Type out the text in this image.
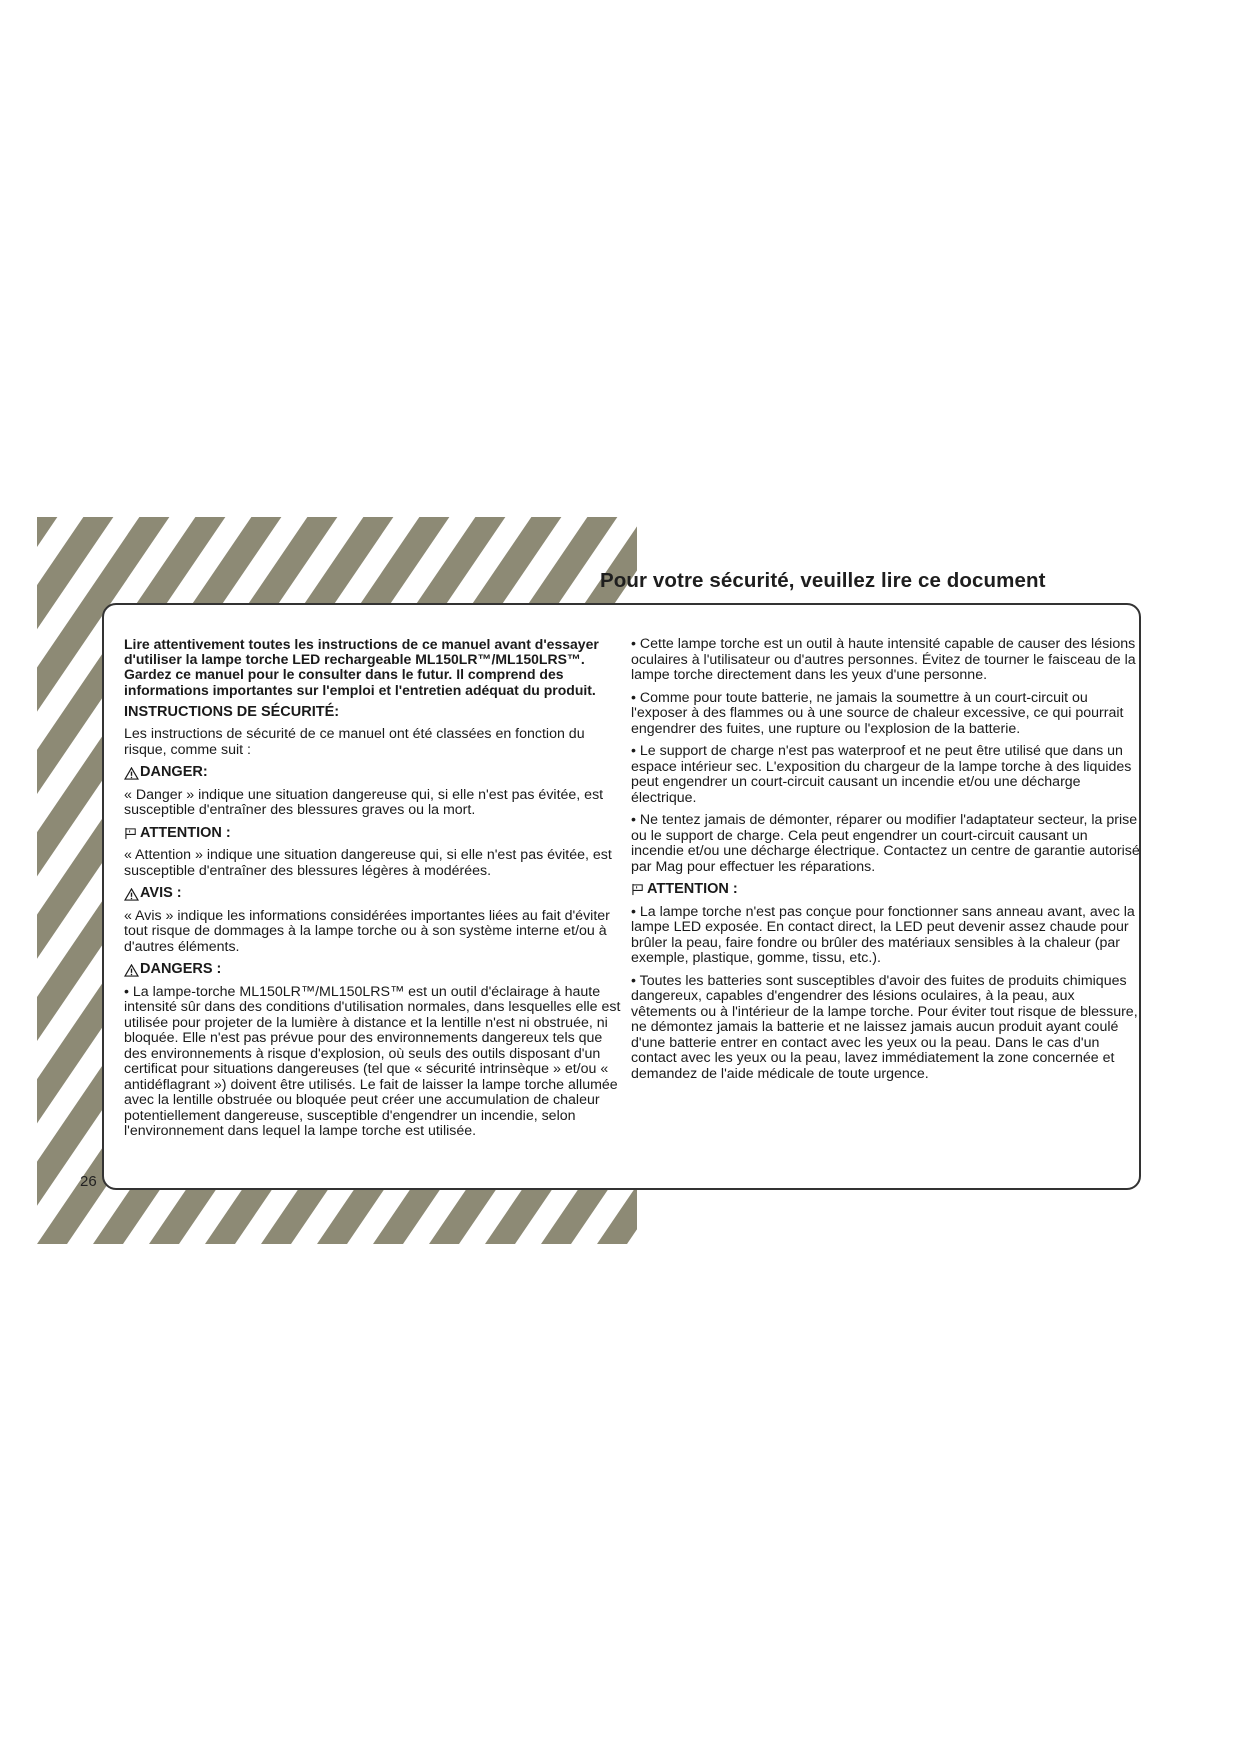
Pour votre sécurité, veuillez lire ce document

Lire attentivement toutes les instructions de ce manuel avant d'essayer d'utiliser la lampe torche LED rechargeable ML150LR™/ML150LRS™. Gardez ce manuel pour le consulter dans le futur. Il comprend des informations importantes sur l'emploi et l'entretien adéquat du produit.

INSTRUCTIONS DE SÉCURITÉ:

Les instructions de sécurité de ce manuel ont été classées en fonction du risque, comme suit :

DANGER:

« Danger » indique une situation dangereuse qui, si elle n'est pas évitée, est susceptible d'entraîner des blessures graves ou la mort.

ATTENTION :

« Attention » indique une situation dangereuse qui, si elle n'est pas évitée, est susceptible d'entraîner des blessures légères à modérées.

AVIS :

« Avis » indique les informations considérées importantes liées au fait d'éviter tout risque de dommages à la lampe torche ou à son système interne et/ou à d'autres éléments.

DANGERS :

• La lampe-torche ML150LR™/ML150LRS™ est un outil d'éclairage à haute intensité sûr dans des conditions d'utilisation normales, dans lesquelles elle est utilisée pour projeter de la lumière à distance et la lentille n'est ni obstruée, ni bloquée. Elle n'est pas prévue pour des environnements dangereux tels que des environnements à risque d'explosion, où seuls des outils disposant d'un certificat pour situations dangereuses (tel que « sécurité intrinsèque » et/ou « antidéflagrant ») doivent être utilisés. Le fait de laisser la lampe torche allumée avec la lentille obstruée ou bloquée peut créer une accumulation de chaleur potentiellement dangereuse, susceptible d'engendrer un incendie, selon l'environnement dans lequel la lampe torche est utilisée.

• Cette lampe torche est un outil à haute intensité capable de causer des lésions oculaires à l'utilisateur ou d'autres personnes. Évitez de tourner le faisceau de la lampe torche directement dans les yeux d'une personne.

• Comme pour toute batterie, ne jamais la soumettre à un court-circuit ou l'exposer à des flammes ou à une source de chaleur excessive, ce qui pourrait engendrer des fuites, une rupture ou l'explosion de la batterie.

• Le support de charge n'est pas waterproof et ne peut être utilisé que dans un espace intérieur sec. L'exposition du chargeur de la lampe torche à des liquides peut engendrer un court-circuit causant un incendie et/ou une décharge électrique.

• Ne tentez jamais de démonter, réparer ou modifier l'adaptateur secteur, la prise ou le support de charge. Cela peut engendrer un court-circuit causant un incendie et/ou une décharge électrique. Contactez un centre de garantie autorisé par Mag pour effectuer les réparations.

ATTENTION :

• La lampe torche n'est pas conçue pour fonctionner sans anneau avant, avec la lampe LED exposée. En contact direct, la LED peut devenir assez chaude pour brûler la peau, faire fondre ou brûler des matériaux sensibles à la chaleur (par exemple, plastique, gomme, tissu, etc.).

• Toutes les batteries sont susceptibles d'avoir des fuites de produits chimiques dangereux, capables d'engendrer des lésions oculaires, à la peau, aux vêtements ou à l'intérieur de la lampe torche. Pour éviter tout risque de blessure, ne démontez jamais la batterie et ne laissez jamais aucun produit ayant coulé d'une batterie entrer en contact avec les yeux ou la peau. Dans le cas d'un contact avec les yeux ou la peau, lavez immédiatement la zone concernée et demandez de l'aide médicale de toute urgence.

26
